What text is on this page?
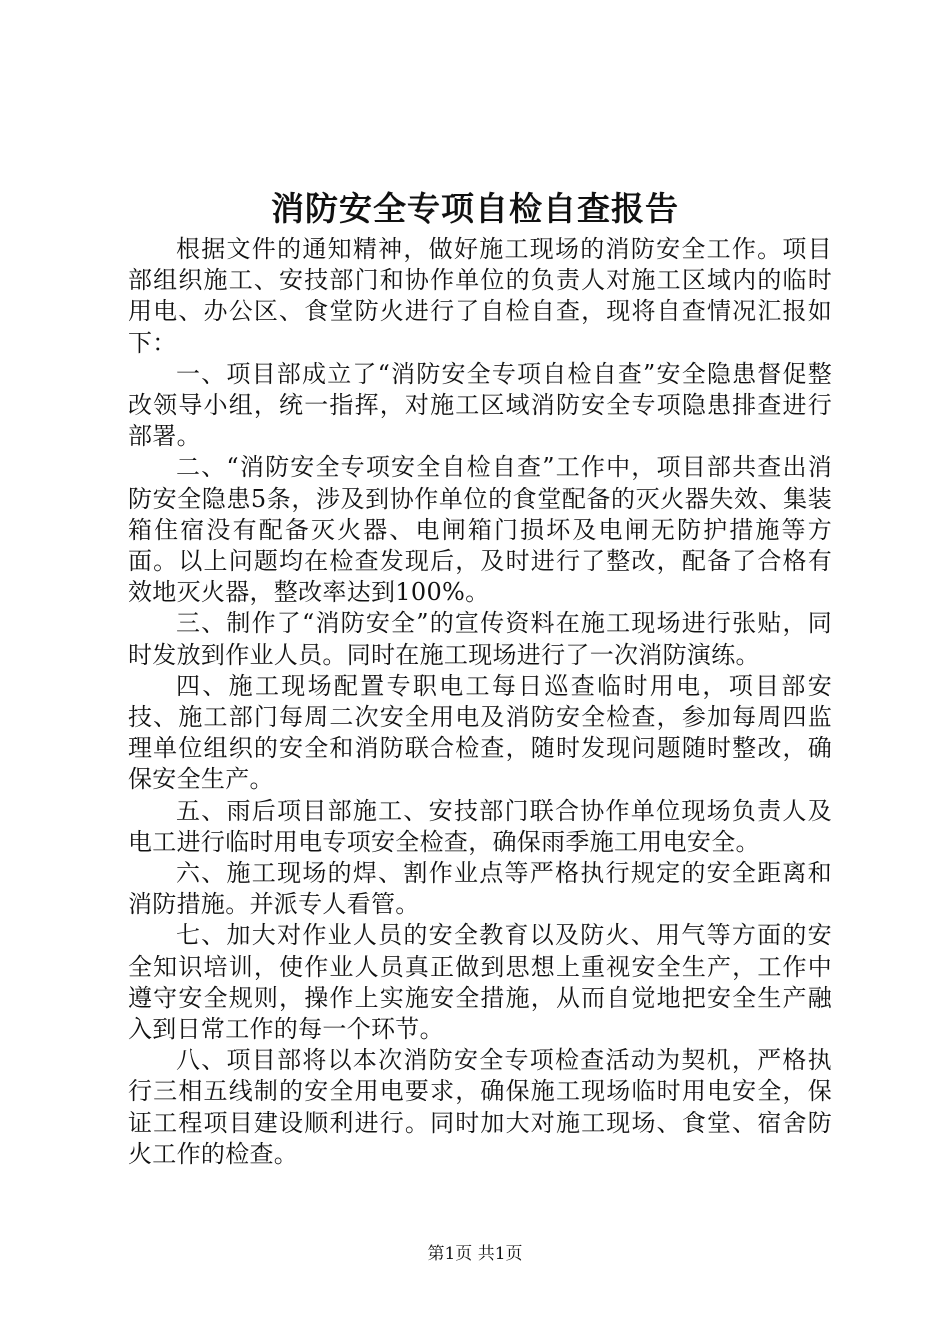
消防安全专项自检自查报告

根据文件的通知精神，做好施工现场的消防安全工作。项目部组织施工、安技部门和协作单位的负责人对施工区域内的临时用电、办公区、食堂防火进行了自检自查，现将自查情况汇报如下：

一、项目部成立了“消防安全专项自检自查”安全隐患督促整改领导小组，统一指挥，对施工区域消防安全专项隐患排查进行部署。

二、“消防安全专项安全自检自查”工作中，项目部共查出消防安全隐患5条，涉及到协作单位的食堂配备的灭火器失效、集装箱住宿没有配备灭火器、电闸箱门损坏及电闸无防护措施等方面。以上问题均在检查发现后，及时进行了整改，配备了合格有效地灭火器，整改率达到100%。

三、制作了“消防安全”的宣传资料在施工现场进行张贴，同时发放到作业人员。同时在施工现场进行了一次消防演练。

四、施工现场配置专职电工每日巡查临时用电，项目部安技、施工部门每周二次安全用电及消防安全检查，参加每周四监理单位组织的安全和消防联合检查，随时发现问题随时整改，确保安全生产。

五、雨后项目部施工、安技部门联合协作单位现场负责人及电工进行临时用电专项安全检查，确保雨季施工用电安全。

六、施工现场的焊、割作业点等严格执行规定的安全距离和消防措施。并派专人看管。

七、加大对作业人员的安全教育以及防火、用气等方面的安全知识培训，使作业人员真正做到思想上重视安全生产，工作中遵守安全规则，操作上实施安全措施，从而自觉地把安全生产融入到日常工作的每一个环节。

八、项目部将以本次消防安全专项检查活动为契机，严格执行三相五线制的安全用电要求，确保施工现场临时用电安全，保证工程项目建设顺利进行。同时加大对施工现场、食堂、宿舍防火工作的检查。

第1页 共1页
